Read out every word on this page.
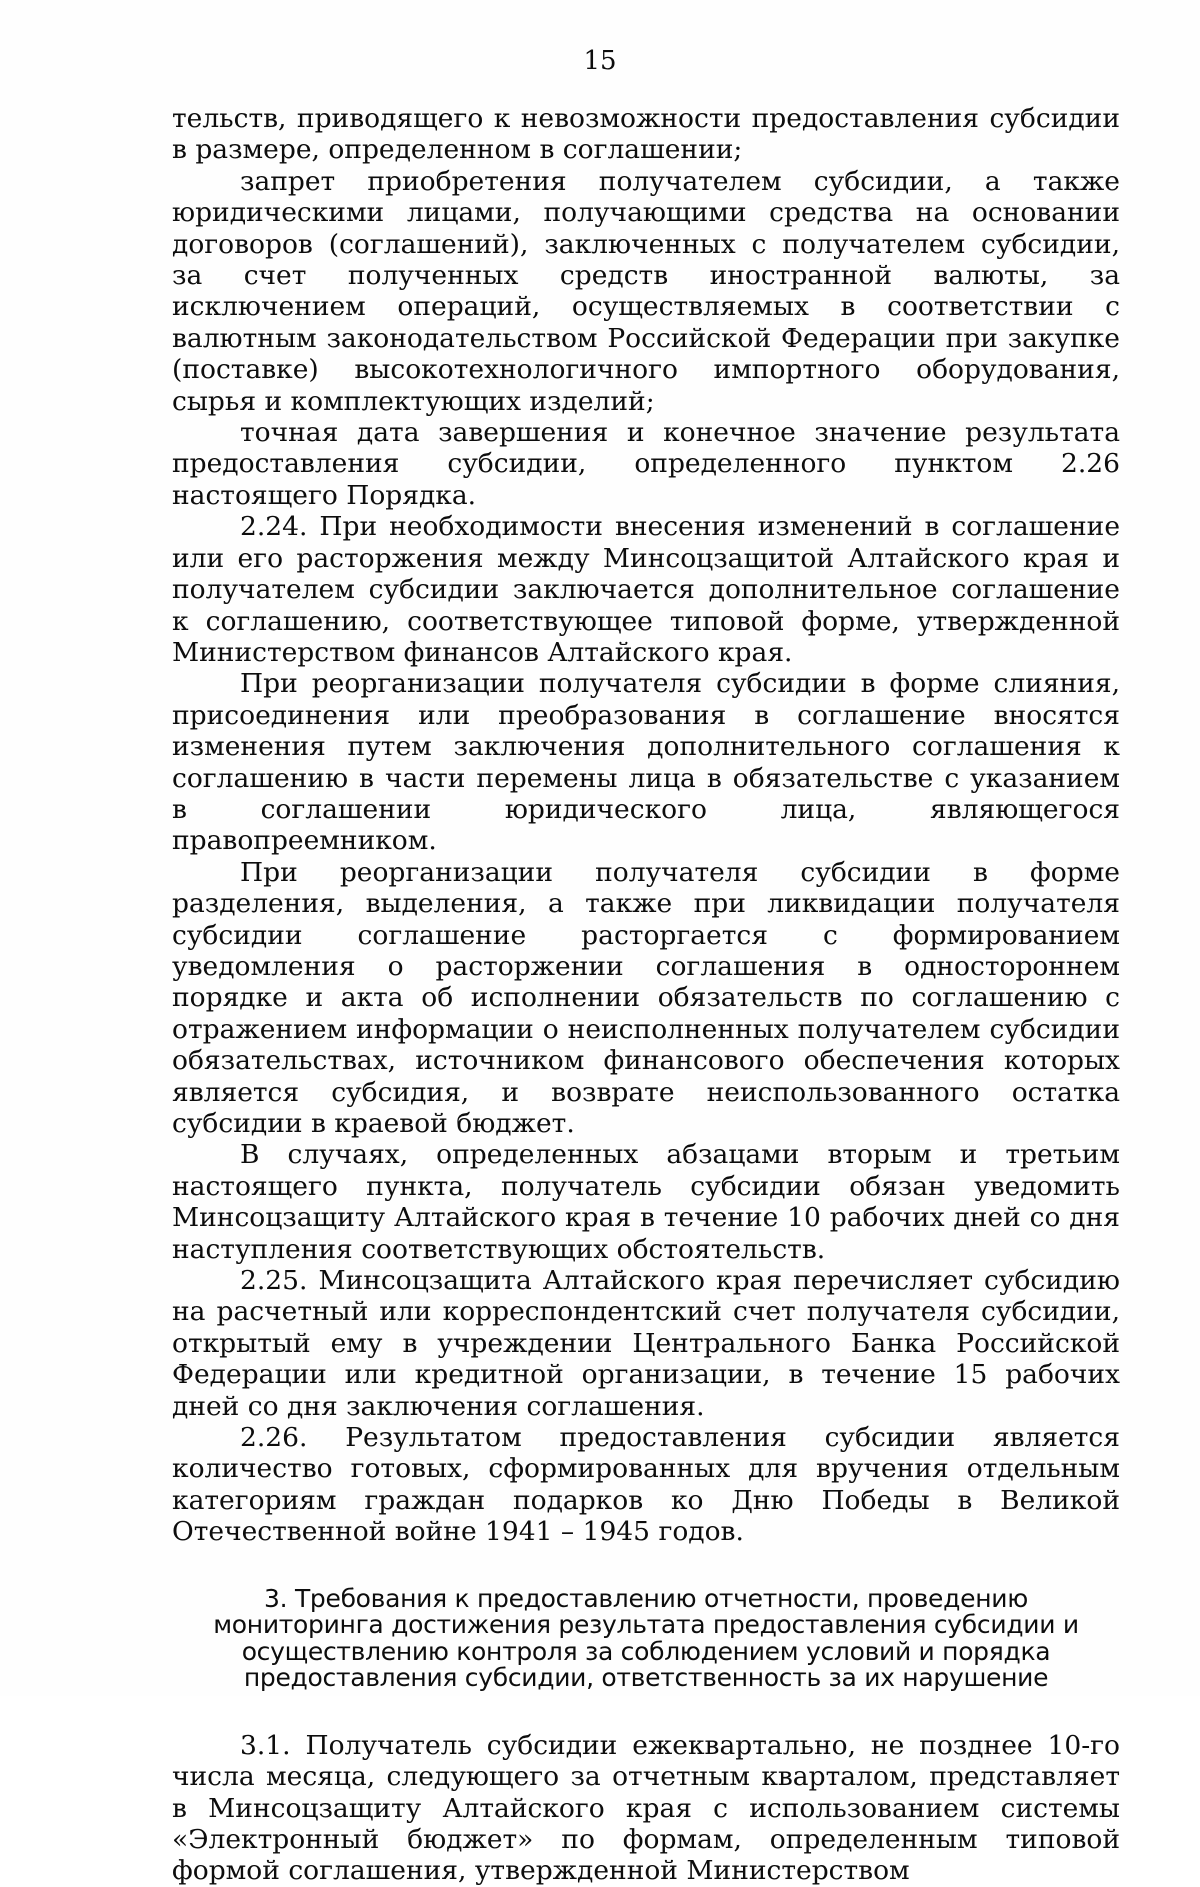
15

тельств, приводящего к невозможности предоставления субсидии в размере, определенном в соглашении;

запрет приобретения получателем субсидии, а также юридическими лицами, получающими средства на основании договоров (соглашений), заключенных с получателем субсидии, за счет полученных средств иностранной валюты, за исключением операций, осуществляемых в соответствии с валютным законодательством Российской Федерации при закупке (поставке) высокотехнологичного импортного оборудования, сырья и комплектующих изделий;

точная дата завершения и конечное значение результата предоставления субсидии, определенного пунктом 2.26 настоящего Порядка.

2.24. При необходимости внесения изменений в соглашение или его расторжения между Минсоцзащитой Алтайского края и получателем субсидии заключается дополнительное соглашение к соглашению, соответствующее типовой форме, утвержденной Министерством финансов Алтайского края.

При реорганизации получателя субсидии в форме слияния, присоединения или преобразования в соглашение вносятся изменения путем заключения дополнительного соглашения к соглашению в части перемены лица в обязательстве с указанием в соглашении юридического лица, являющегося правопреемником.

При реорганизации получателя субсидии в форме разделения, выделения, а также при ликвидации получателя субсидии соглашение расторгается с формированием уведомления о расторжении соглашения в одностороннем порядке и акта об исполнении обязательств по соглашению с отражением информации о неисполненных получателем субсидии обязательствах, источником финансового обеспечения которых является субсидия, и возврате неиспользованного остатка субсидии в краевой бюджет.

В случаях, определенных абзацами вторым и третьим настоящего пункта, получатель субсидии обязан уведомить Минсоцзащиту Алтайского края в течение 10 рабочих дней со дня наступления соответствующих обстоятельств.

2.25. Минсоцзащита Алтайского края перечисляет субсидию на расчетный или корреспондентский счет получателя субсидии, открытый ему в учреждении Центрального Банка Российской Федерации или кредитной организации, в течение 15 рабочих дней со дня заключения соглашения.

2.26. Результатом предоставления субсидии является количество готовых, сформированных для вручения отдельным категориям граждан подарков ко Дню Победы в Великой Отечественной войне 1941 – 1945 годов.

3. Требования к предоставлению отчетности, проведению мониторинга достижения результата предоставления субсидии и осуществлению контроля за соблюдением условий и порядка предоставления субсидии, ответственность за их нарушение

3.1. Получатель субсидии ежеквартально, не позднее 10-го числа месяца, следующего за отчетным кварталом, представляет в Минсоцзащиту Алтайского края с использованием системы «Электронный бюджет» по формам, определенным типовой формой соглашения, утвержденной Министерством
